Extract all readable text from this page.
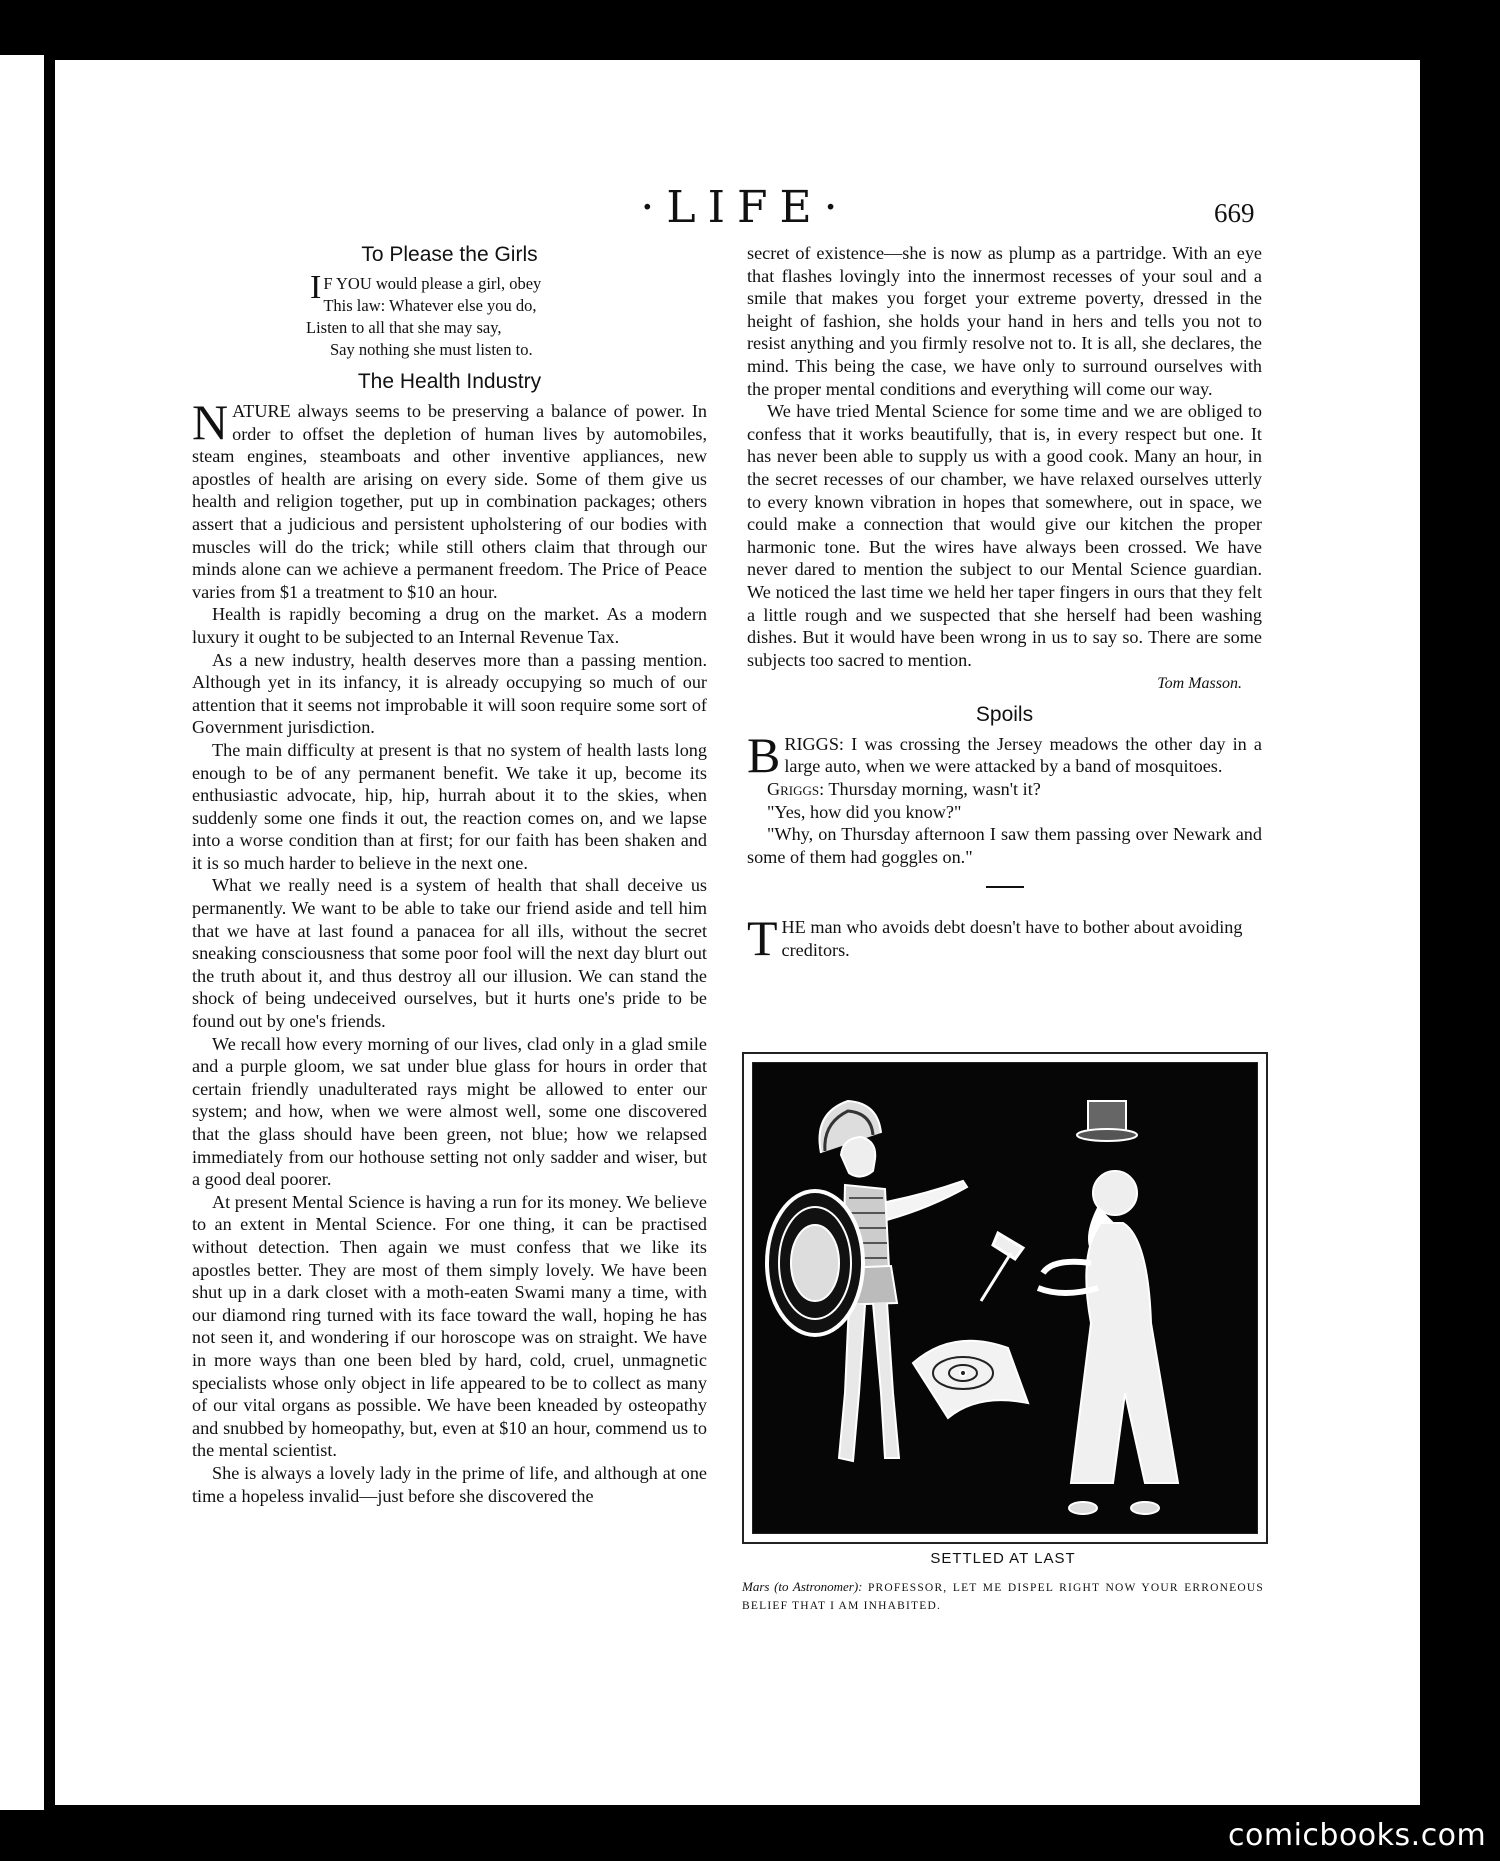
·LIFE·	669
To Please the Girls
I F YOU would please a girl, obey
This law: Whatever else you do,
Listen to all that she may say,
Say nothing she must listen to.
The Health Industry

NATURE always seems to be preserving a balance of power. In order to offset the depletion of human lives by automobiles, steam engines, steamboats and other inventive appliances, new apostles of health are arising on every side. Some of them give us health and religion together, put up in combination packages; others assert that a judicious and persistent upholstering of our bodies with muscles will do the trick; while still others claim that through our minds alone can we achieve a permanent freedom. The Price of Peace varies from $1 a treatment to $10 an hour.

Health is rapidly becoming a drug on the market. As a modern luxury it ought to be subjected to an Internal Revenue Tax.

As a new industry, health deserves more than a passing mention. Although yet in its infancy, it is already occupying so much of our attention that it seems not improbable it will soon require some sort of Government jurisdiction.

The main difficulty at present is that no system of health lasts long enough to be of any permanent benefit. We take it up, become its enthusiastic advocate, hip, hip, hurrah about it to the skies, when suddenly some one finds it out, the reaction comes on, and we lapse into a worse condition than at first; for our faith has been shaken and it is so much harder to believe in the next one.

What we really need is a system of health that shall deceive us permanently. We want to be able to take our friend aside and tell him that we have at last found a panacea for all ills, without the secret sneaking consciousness that some poor fool will the next day blurt out the truth about it, and thus destroy all our illusion. We can stand the shock of being undeceived ourselves, but it hurts one's pride to be found out by one's friends.

We recall how every morning of our lives, clad only in a glad smile and a purple gloom, we sat under blue glass for hours in order that certain friendly unadulterated rays might be allowed to enter our system; and how, when we were almost well, some one discovered that the glass should have been green, not blue; how we relapsed immediately from our hothouse setting not only sadder and wiser, but a good deal poorer.

At present Mental Science is having a run for its money. We believe to an extent in Mental Science. For one thing, it can be practised without detection. Then again we must confess that we like its apostles better. They are most of them simply lovely. We have been shut up in a dark closet with a moth-eaten Swami many a time, with our diamond ring turned with its face toward the wall, hoping he has not seen it, and wondering if our horoscope was on straight. We have in more ways than one been bled by hard, cold, cruel, unmagnetic specialists whose only object in life appeared to be to collect as many of our vital organs as possible. We have been kneaded by osteopathy and snubbed by homeopathy, but, even at $10 an hour, commend us to the mental scientist.

She is always a lovely lady in the prime of life, and although at one time a hopeless invalid—just before she discovered the

secret of existence—she is now as plump as a partridge. With an eye that flashes lovingly into the innermost recesses of your soul and a smile that makes you forget your extreme poverty, dressed in the height of fashion, she holds your hand in hers and tells you not to resist anything and you firmly resolve not to. It is all, she declares, the mind. This being the case, we have only to surround ourselves with the proper mental conditions and everything will come our way.

We have tried Mental Science for some time and we are obliged to confess that it works beautifully, that is, in every respect but one. It has never been able to supply us with a good cook. Many an hour, in the secret recesses of our chamber, we have relaxed ourselves utterly to every known vibration in hopes that somewhere, out in space, we could make a connection that would give our kitchen the proper harmonic tone. But the wires have always been crossed. We have never dared to mention the subject to our Mental Science guardian. We noticed the last time we held her taper fingers in ours that they felt a little rough and we suspected that she herself had been washing dishes. But it would have been wrong in us to say so. There are some subjects too sacred to mention.

Tom Masson.
Spoils

BRIGGS: I was crossing the Jersey meadows the other day in a large auto, when we were attacked by a band of mosquitoes.

Griggs: Thursday morning, wasn't it?

"Yes, how did you know?"

"Why, on Thursday afternoon I saw them passing over Newark and some of them had goggles on."

THE man who avoids debt doesn't have to bother about avoiding creditors.

SETTLED AT LAST
Mars (to Astronomer): PROFESSOR, LET ME DISPEL RIGHT NOW YOUR ERRONEOUS BELIEF THAT I AM INHABITED.
comicbooks.com
